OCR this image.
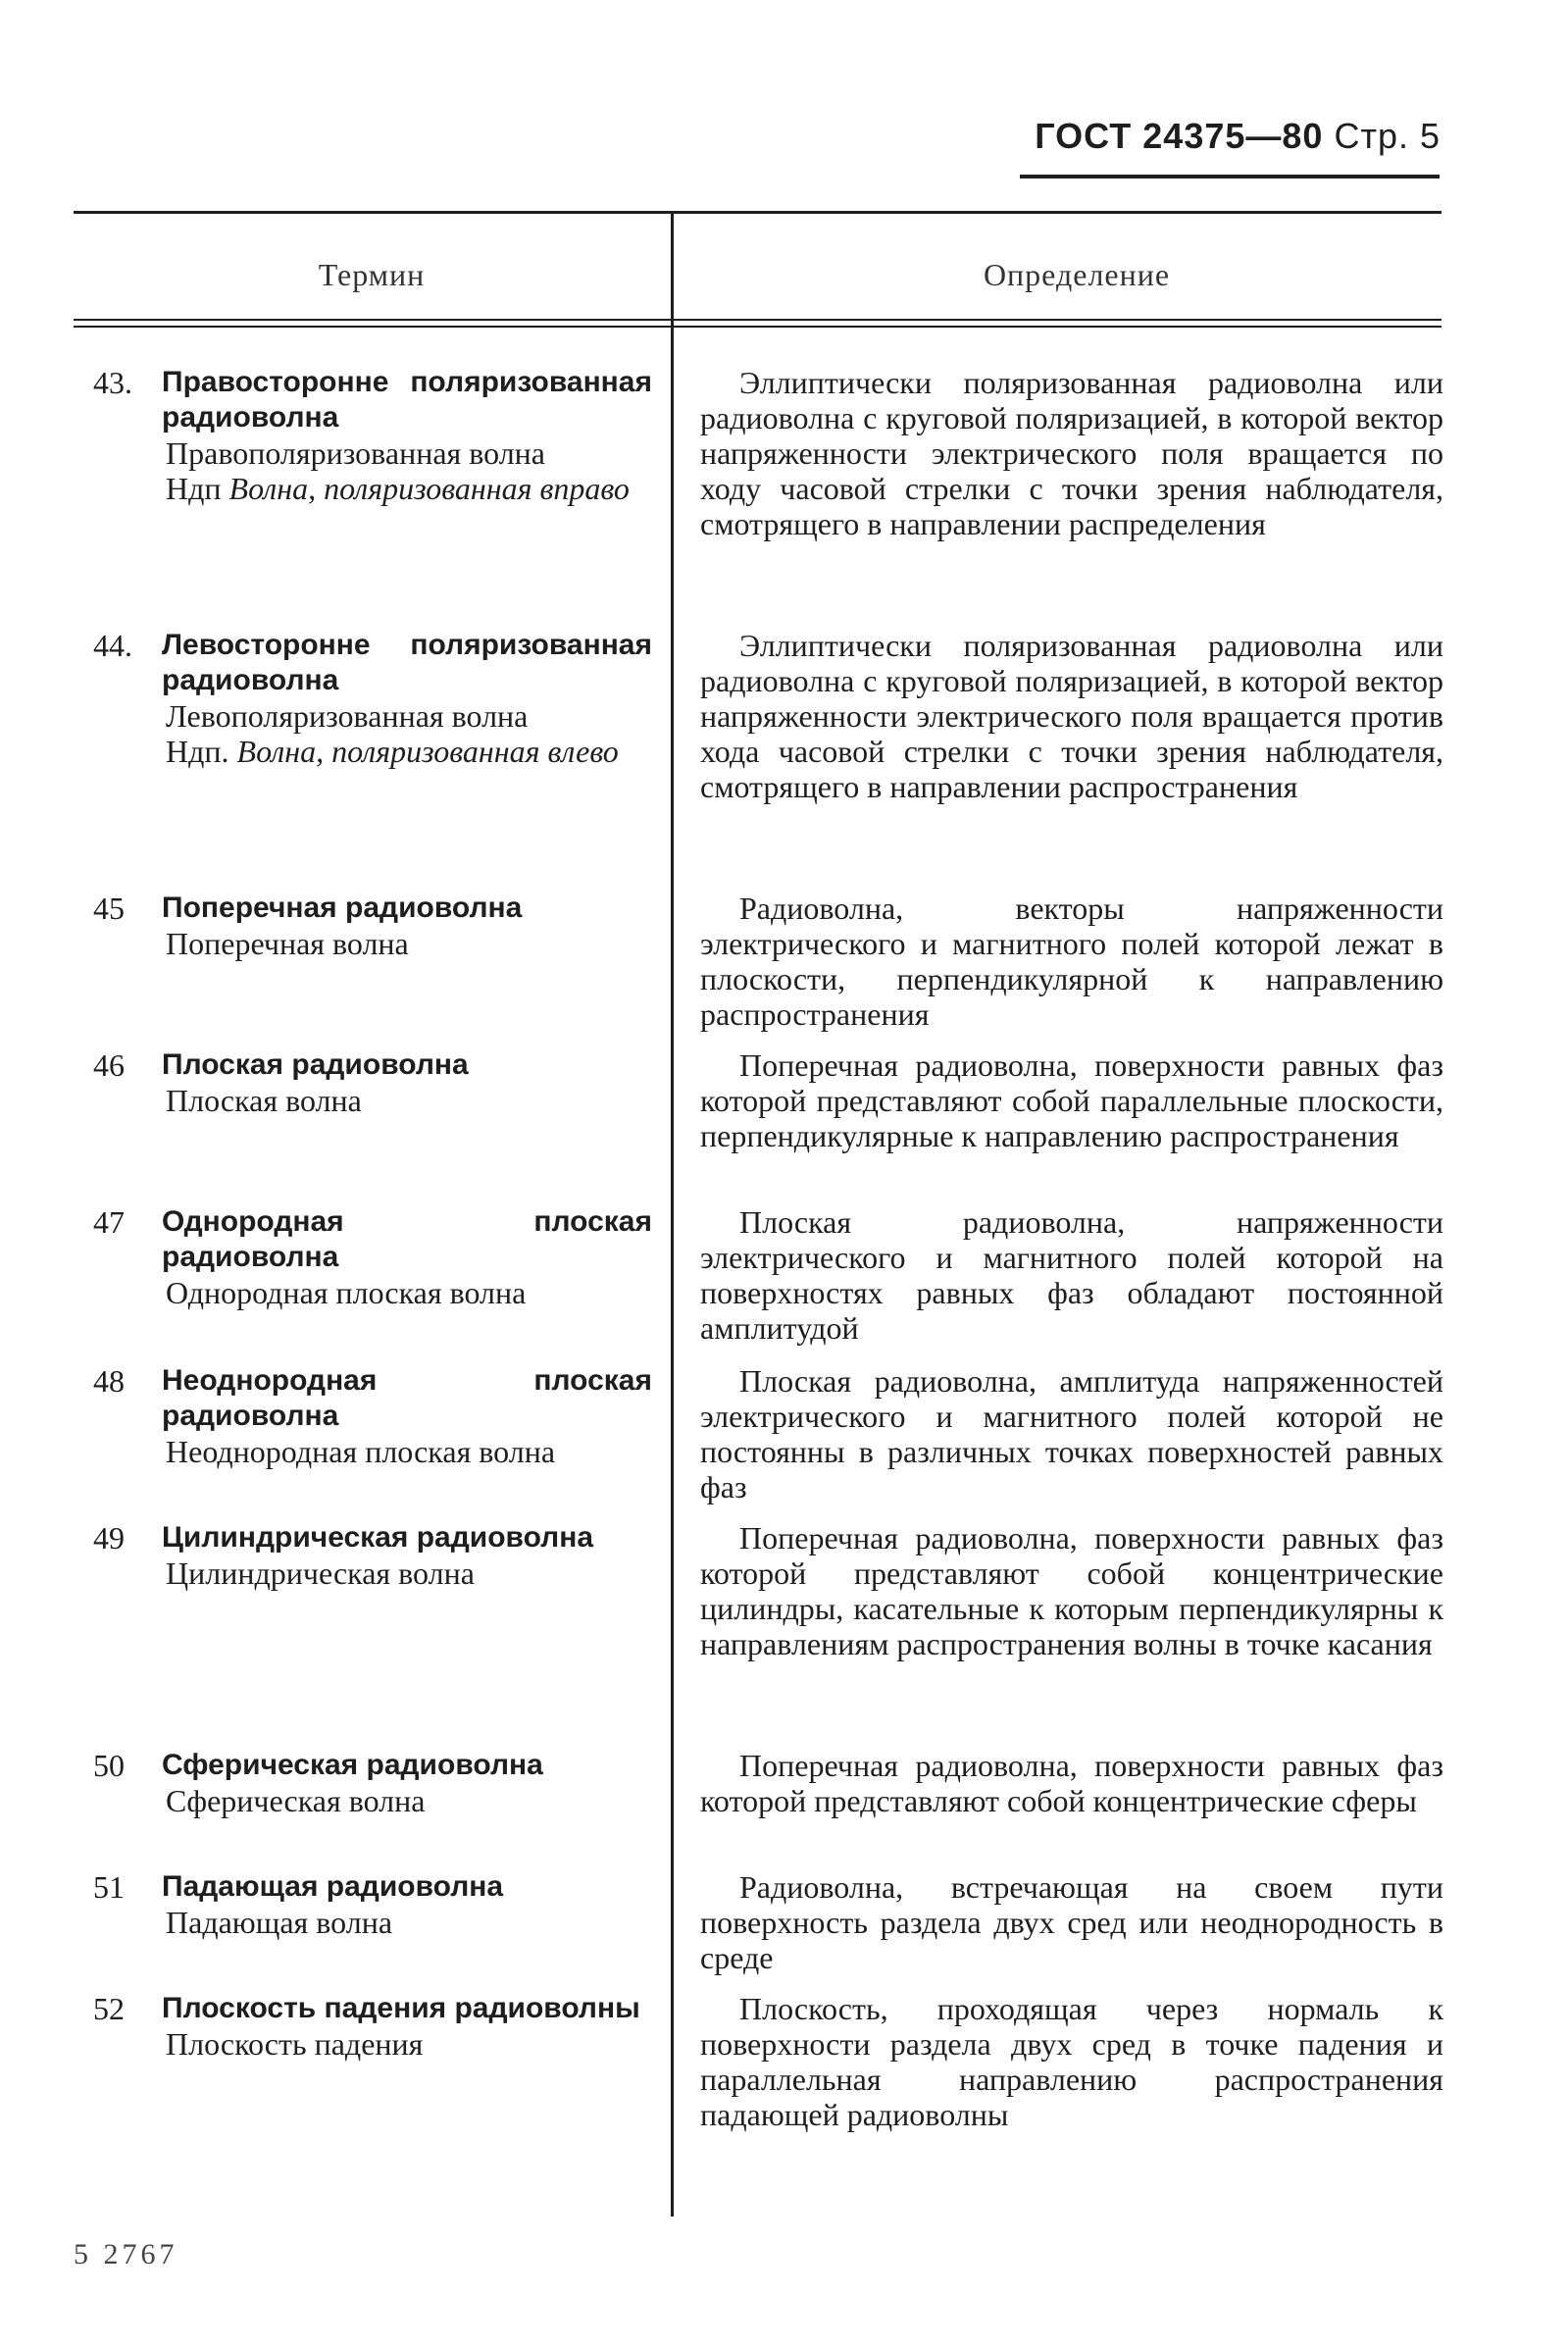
ГОСТ 24375—80 Стр. 5
Термин	Определение
43.	Правосторонне поляризованная радиоволна
Правополяризованная волна
Ндп Волна, поляризованная вправо
Эллиптически поляризованная радиоволна или радиоволна с круговой поляризацией, в которой вектор напряженности электрического поля вращается по ходу часовой стрелки с точки зрения наблюдателя, смотрящего в направлении распределения
44.	Левосторонне поляризованная радиоволна
Левополяризованная волна
Ндп. Волна, поляризованная влево
Эллиптически поляризованная радиоволна или радиоволна с круговой поляризацией, в которой вектор напряженности электрического поля вращается против хода часовой стрелки с точки зрения наблюдателя, смотрящего в направлении распространения
45	Поперечная радиоволна
Поперечная волна
Радиоволна, векторы напряженности электрического и магнитного полей которой лежат в плоскости, перпендикулярной к направлению распространения
46	Плоская радиоволна
Плоская волна
Поперечная радиоволна, поверхности равных фаз которой представляют собой параллельные плоскости, перпендикулярные к направлению распространения
47	Однородная плоская радиоволна
Однородная плоская волна
Плоская радиоволна, напряженности электрического и магнитного полей которой на поверхностях равных фаз обладают постоянной амплитудой
48	Неоднородная плоская радиоволна
Неоднородная плоская волна
Плоская радиоволна, амплитуда напряженностей электрического и магнитного полей которой не постоянны в различных точках поверхностей равных фаз
49	Цилиндрическая радиоволна
Цилиндрическая волна
Поперечная радиоволна, поверхности равных фаз которой представляют собой концентрические цилиндры, касательные к которым перпендикулярны к направлениям распространения волны в точке касания
50	Сферическая радиоволна
Сферическая волна
Поперечная радиоволна, поверхности равных фаз которой представляют собой концентрические сферы
51	Падающая радиоволна
Падающая волна
Радиоволна, встречающая на своем пути поверхность раздела двух сред или неоднородность в среде
52	Плоскость падения радиоволны
Плоскость падения
Плоскость, проходящая через нормаль к поверхности раздела двух сред в точке падения и параллельная направлению распространения падающей радиоволны
5 2767
